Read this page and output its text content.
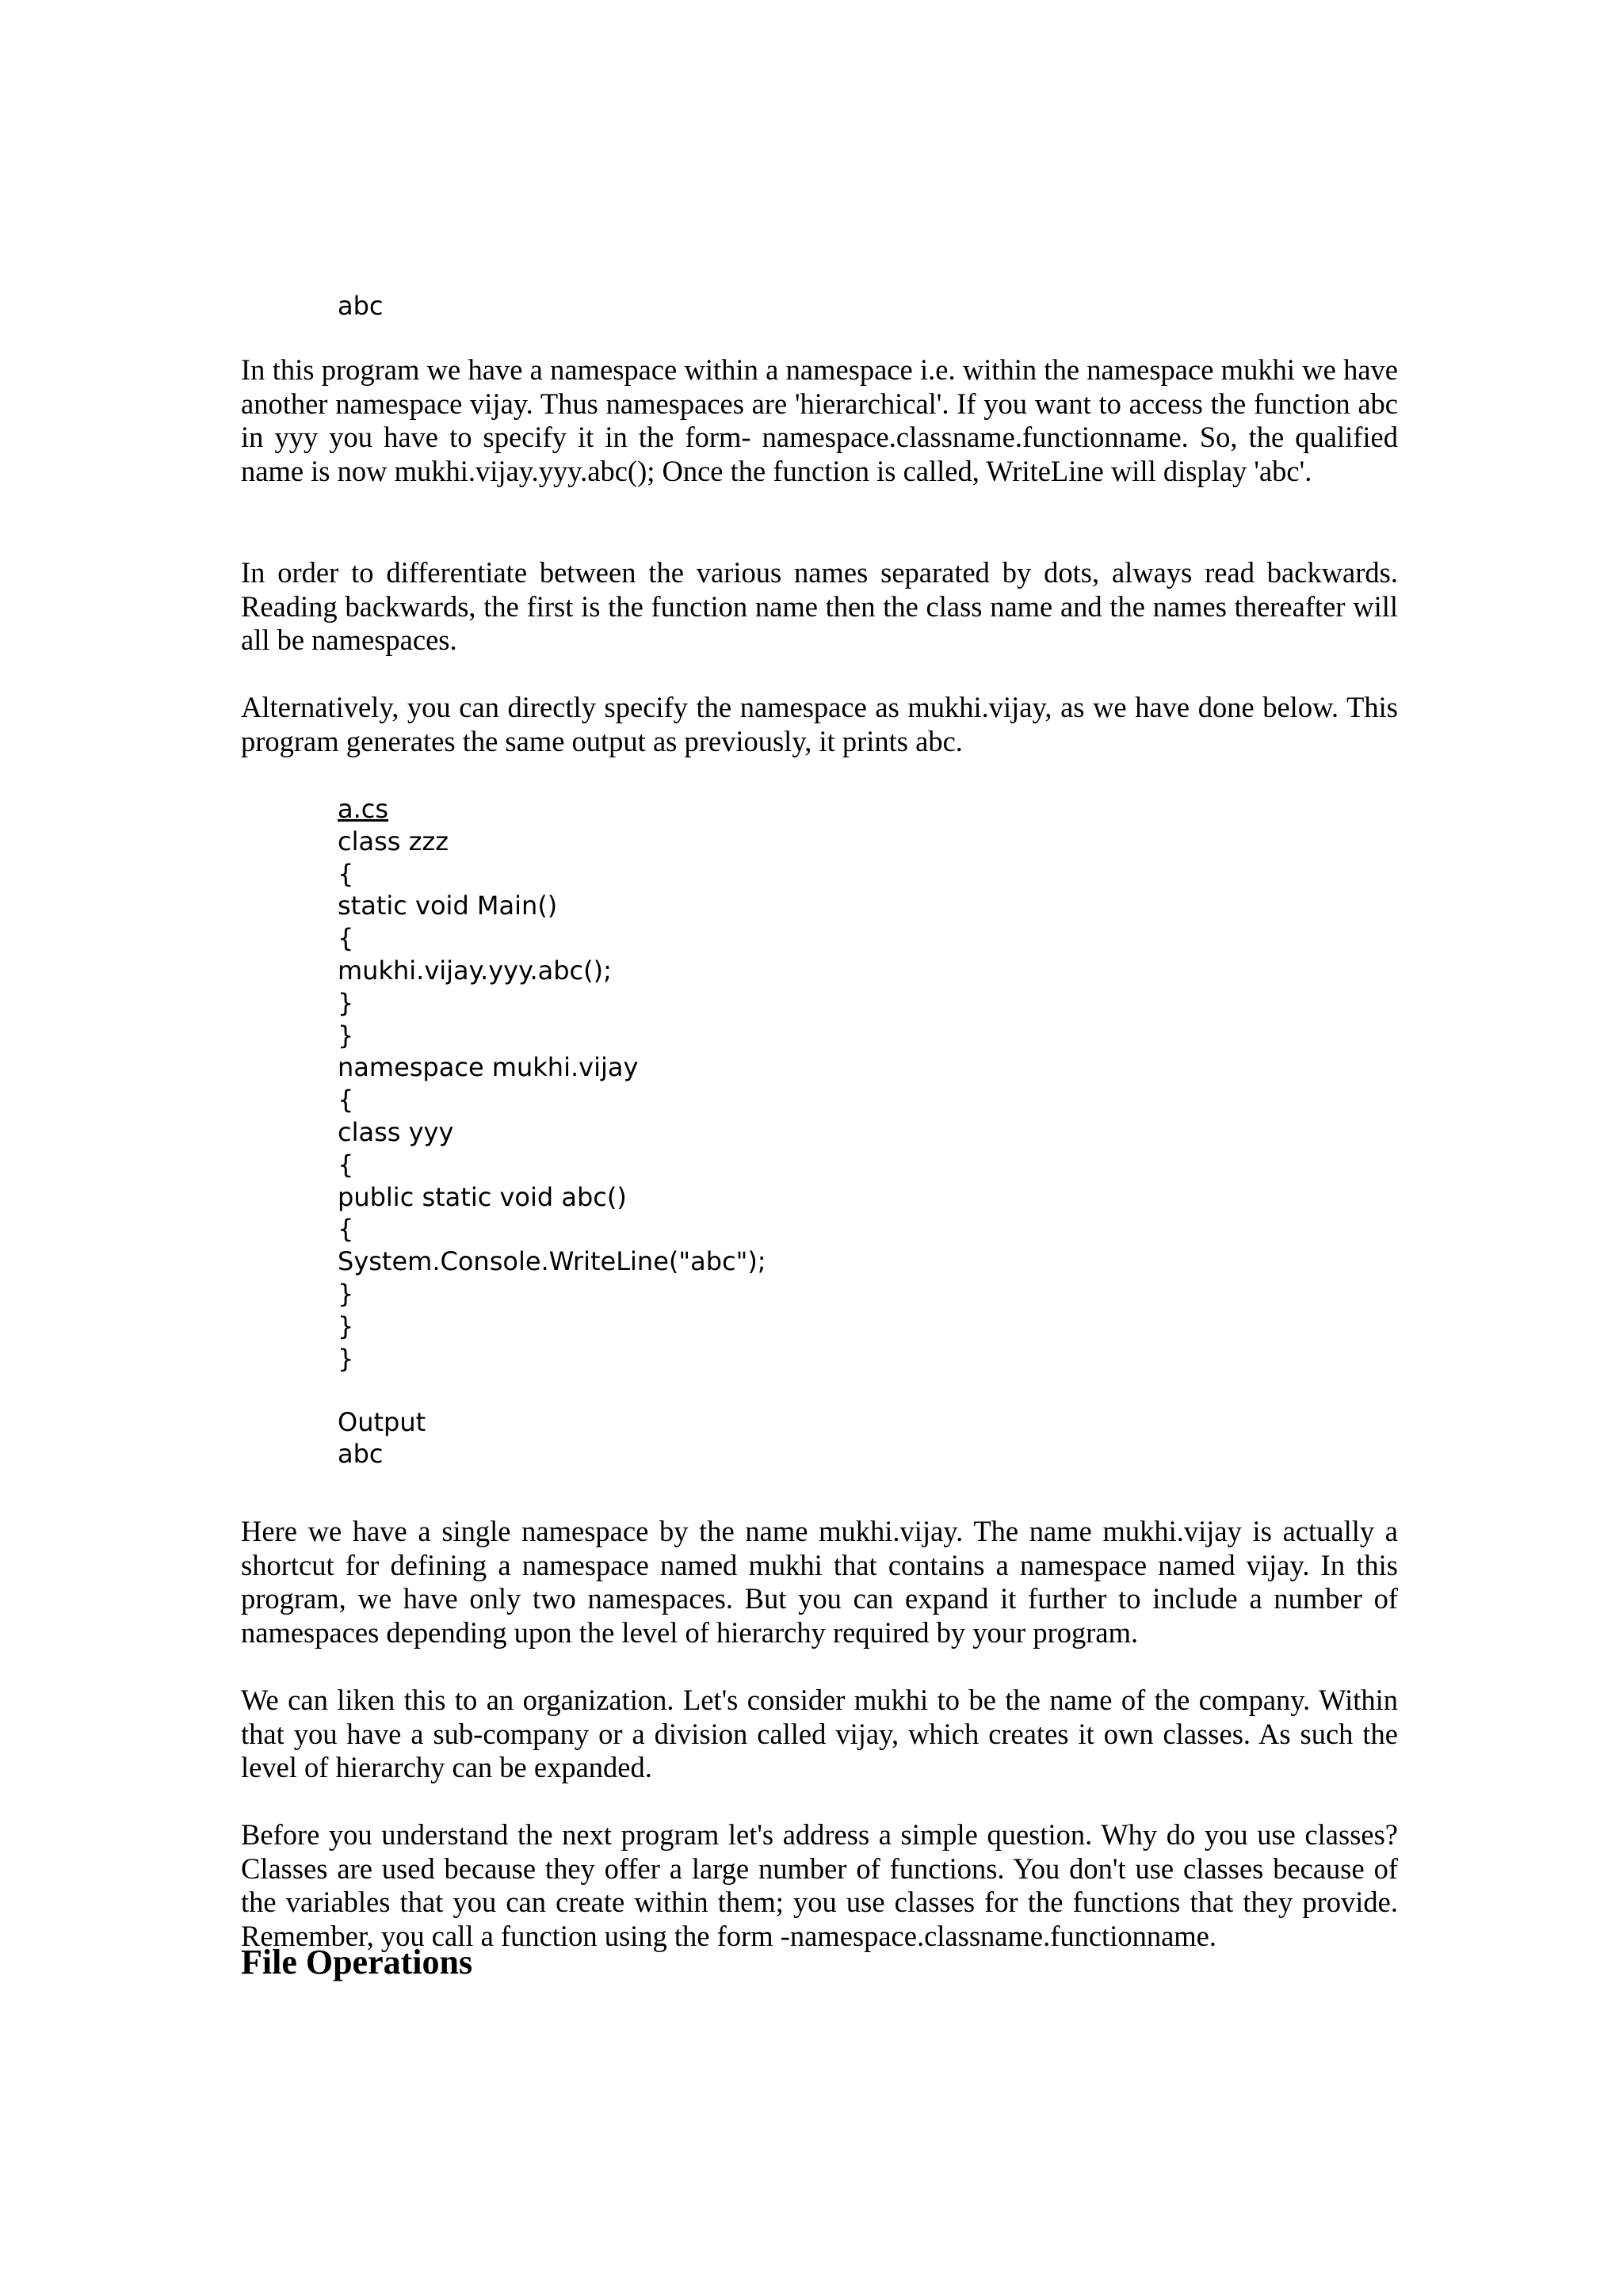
abc

In this program we have a namespace within a namespace i.e. within the namespace mukhi we have another namespace vijay. Thus namespaces are 'hierarchical'. If you want to access the function abc in yyy you have to specify it in the form- namespace.classname.functionname. So, the qualified name is now mukhi.vijay.yyy.abc(); Once the function is called, WriteLine will display 'abc'.

In order to differentiate between the various names separated by dots, always read backwards. Reading backwards, the first is the function name then the class name and the names thereafter will all be namespaces.

Alternatively, you can directly specify the namespace as mukhi.vijay, as we have done below. This program generates the same output as previously, it prints abc.

a.cs
class zzz
{
static void Main()
{
mukhi.vijay.yyy.abc();
}
}
namespace mukhi.vijay
{
class yyy
{
public static void abc()
{
System.Console.WriteLine("abc");
}
}
}
Output
abc

Here we have a single namespace by the name mukhi.vijay. The name mukhi.vijay is actually a shortcut for defining a namespace named mukhi that contains a namespace named vijay. In this program, we have only two namespaces. But you can expand it further to include a number of namespaces depending upon the level of hierarchy required by your program.

We can liken this to an organization. Let's consider mukhi to be the name of the company. Within that you have a sub-company or a division called vijay, which creates it own classes. As such the level of hierarchy can be expanded.

Before you understand the next program let's address a simple question. Why do you use classes? Classes are used because they offer a large number of functions. You don't use classes because of the variables that you can create within them; you use classes for the functions that they provide. Remember, you call a function using the form -namespace.classname.functionname.

File Operations
